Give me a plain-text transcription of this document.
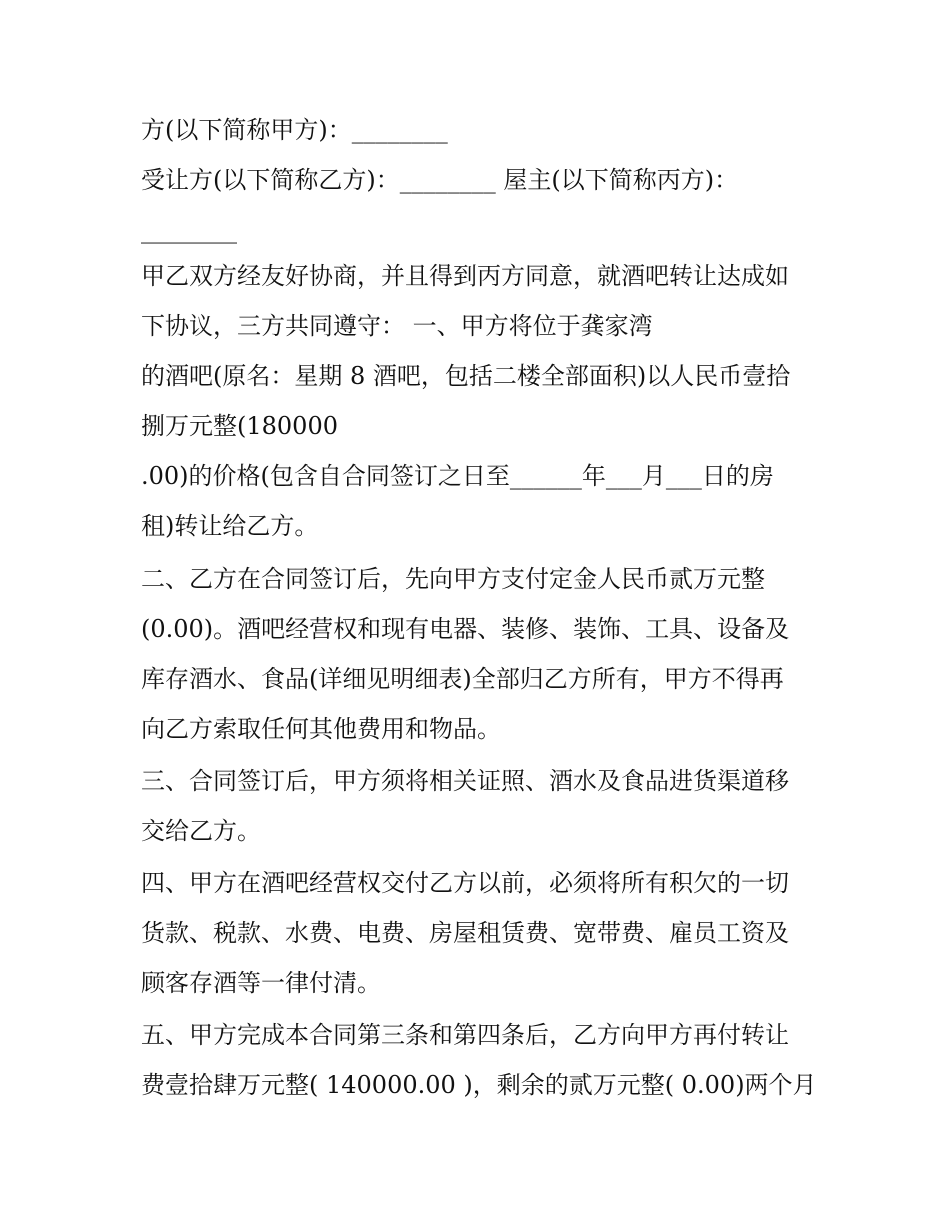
方(以下简称甲方)：________
受让方(以下简称乙方)：________ 屋主(以下简称丙方)：
________
甲乙双方经友好协商，并且得到丙方同意，就酒吧转让达成如
下协议，三方共同遵守： 一、甲方将位于龚家湾
的酒吧(原名：星期 8 酒吧，包括二楼全部面积)以人民币壹拾
捌万元整(180000
.00)的价格(包含自合同签订之日至______年___月___日的房
租)转让给乙方。
二、乙方在合同签订后，先向甲方支付定金人民币贰万元整
(0.00)。酒吧经营权和现有电器、装修、装饰、工具、设备及
库存酒水、食品(详细见明细表)全部归乙方所有，甲方不得再
向乙方索取任何其他费用和物品。
三、合同签订后，甲方须将相关证照、酒水及食品进货渠道移
交给乙方。
四、甲方在酒吧经营权交付乙方以前，必须将所有积欠的一切
货款、税款、水费、电费、房屋租赁费、宽带费、雇员工资及
顾客存酒等一律付清。
五、甲方完成本合同第三条和第四条后，乙方向甲方再付转让
费壹拾肆万元整( 140000.00 )，剩余的贰万元整( 0.00)两个月
